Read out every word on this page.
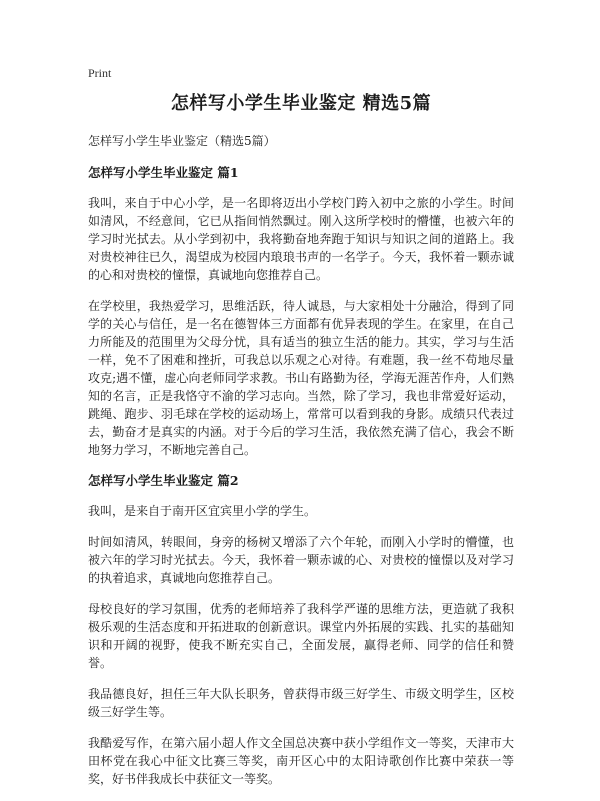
Print
怎样写小学生毕业鉴定 精选5篇

怎样写小学生毕业鉴定（精选5篇）

怎样写小学生毕业鉴定 篇1

我叫，来自于中心小学，是一名即将迈出小学校门跨入初中之旅的小学生。时间如清风，不经意间，它已从指间悄然飘过。刚入这所学校时的懵懂，也被六年的学习时光拭去。从小学到初中，我将勤奋地奔跑于知识与知识之间的道路上。我对贵校神往已久，渴望成为校园内琅琅书声的一名学子。今天，我怀着一颗赤诚的心和对贵校的憧憬，真诚地向您推荐自己。

在学校里，我热爱学习，思维活跃，待人诚恳，与大家相处十分融洽，得到了同学的关心与信任，是一名在德智体三方面都有优异表现的学生。在家里，在自己力所能及的范围里为父母分忧，具有适当的独立生活的能力。其实，学习与生活一样，免不了困难和挫折，可我总以乐观之心对待。有难题，我一丝不苟地尽量攻克;遇不懂，虚心向老师同学求教。书山有路勤为径，学海无涯苦作舟，人们熟知的名言，正是我恪守不渝的学习志向。当然，除了学习，我也非常爱好运动，跳绳、跑步、羽毛球在学校的运动场上，常常可以看到我的身影。成绩只代表过去，勤奋才是真实的内涵。对于今后的学习生活，我依然充满了信心，我会不断地努力学习，不断地完善自己。

怎样写小学生毕业鉴定 篇2

我叫，是来自于南开区宜宾里小学的学生。

时间如清风，转眼间，身旁的杨树又增添了六个年轮，而刚入小学时的懵懂，也被六年的学习时光拭去。今天，我怀着一颗赤诚的心、对贵校的憧憬以及对学习的执着追求，真诚地向您推荐自己。

母校良好的学习氛围，优秀的老师培养了我科学严谨的思维方法，更造就了我积极乐观的生活态度和开拓进取的创新意识。课堂内外拓展的实践、扎实的基础知识和开阔的视野，使我不断充实自己，全面发展，赢得老师、同学的信任和赞誉。

我品德良好，担任三年大队长职务，曾获得市级三好学生、市级文明学生，区校级三好学生等。

我酷爱写作，在第六届小超人作文全国总决赛中获小学组作文一等奖，天津市大田杯党在我心中征文比赛三等奖，南开区心中的太阳诗歌创作比赛中荣获一等奖，好书伴我成长中获征文一等奖。
